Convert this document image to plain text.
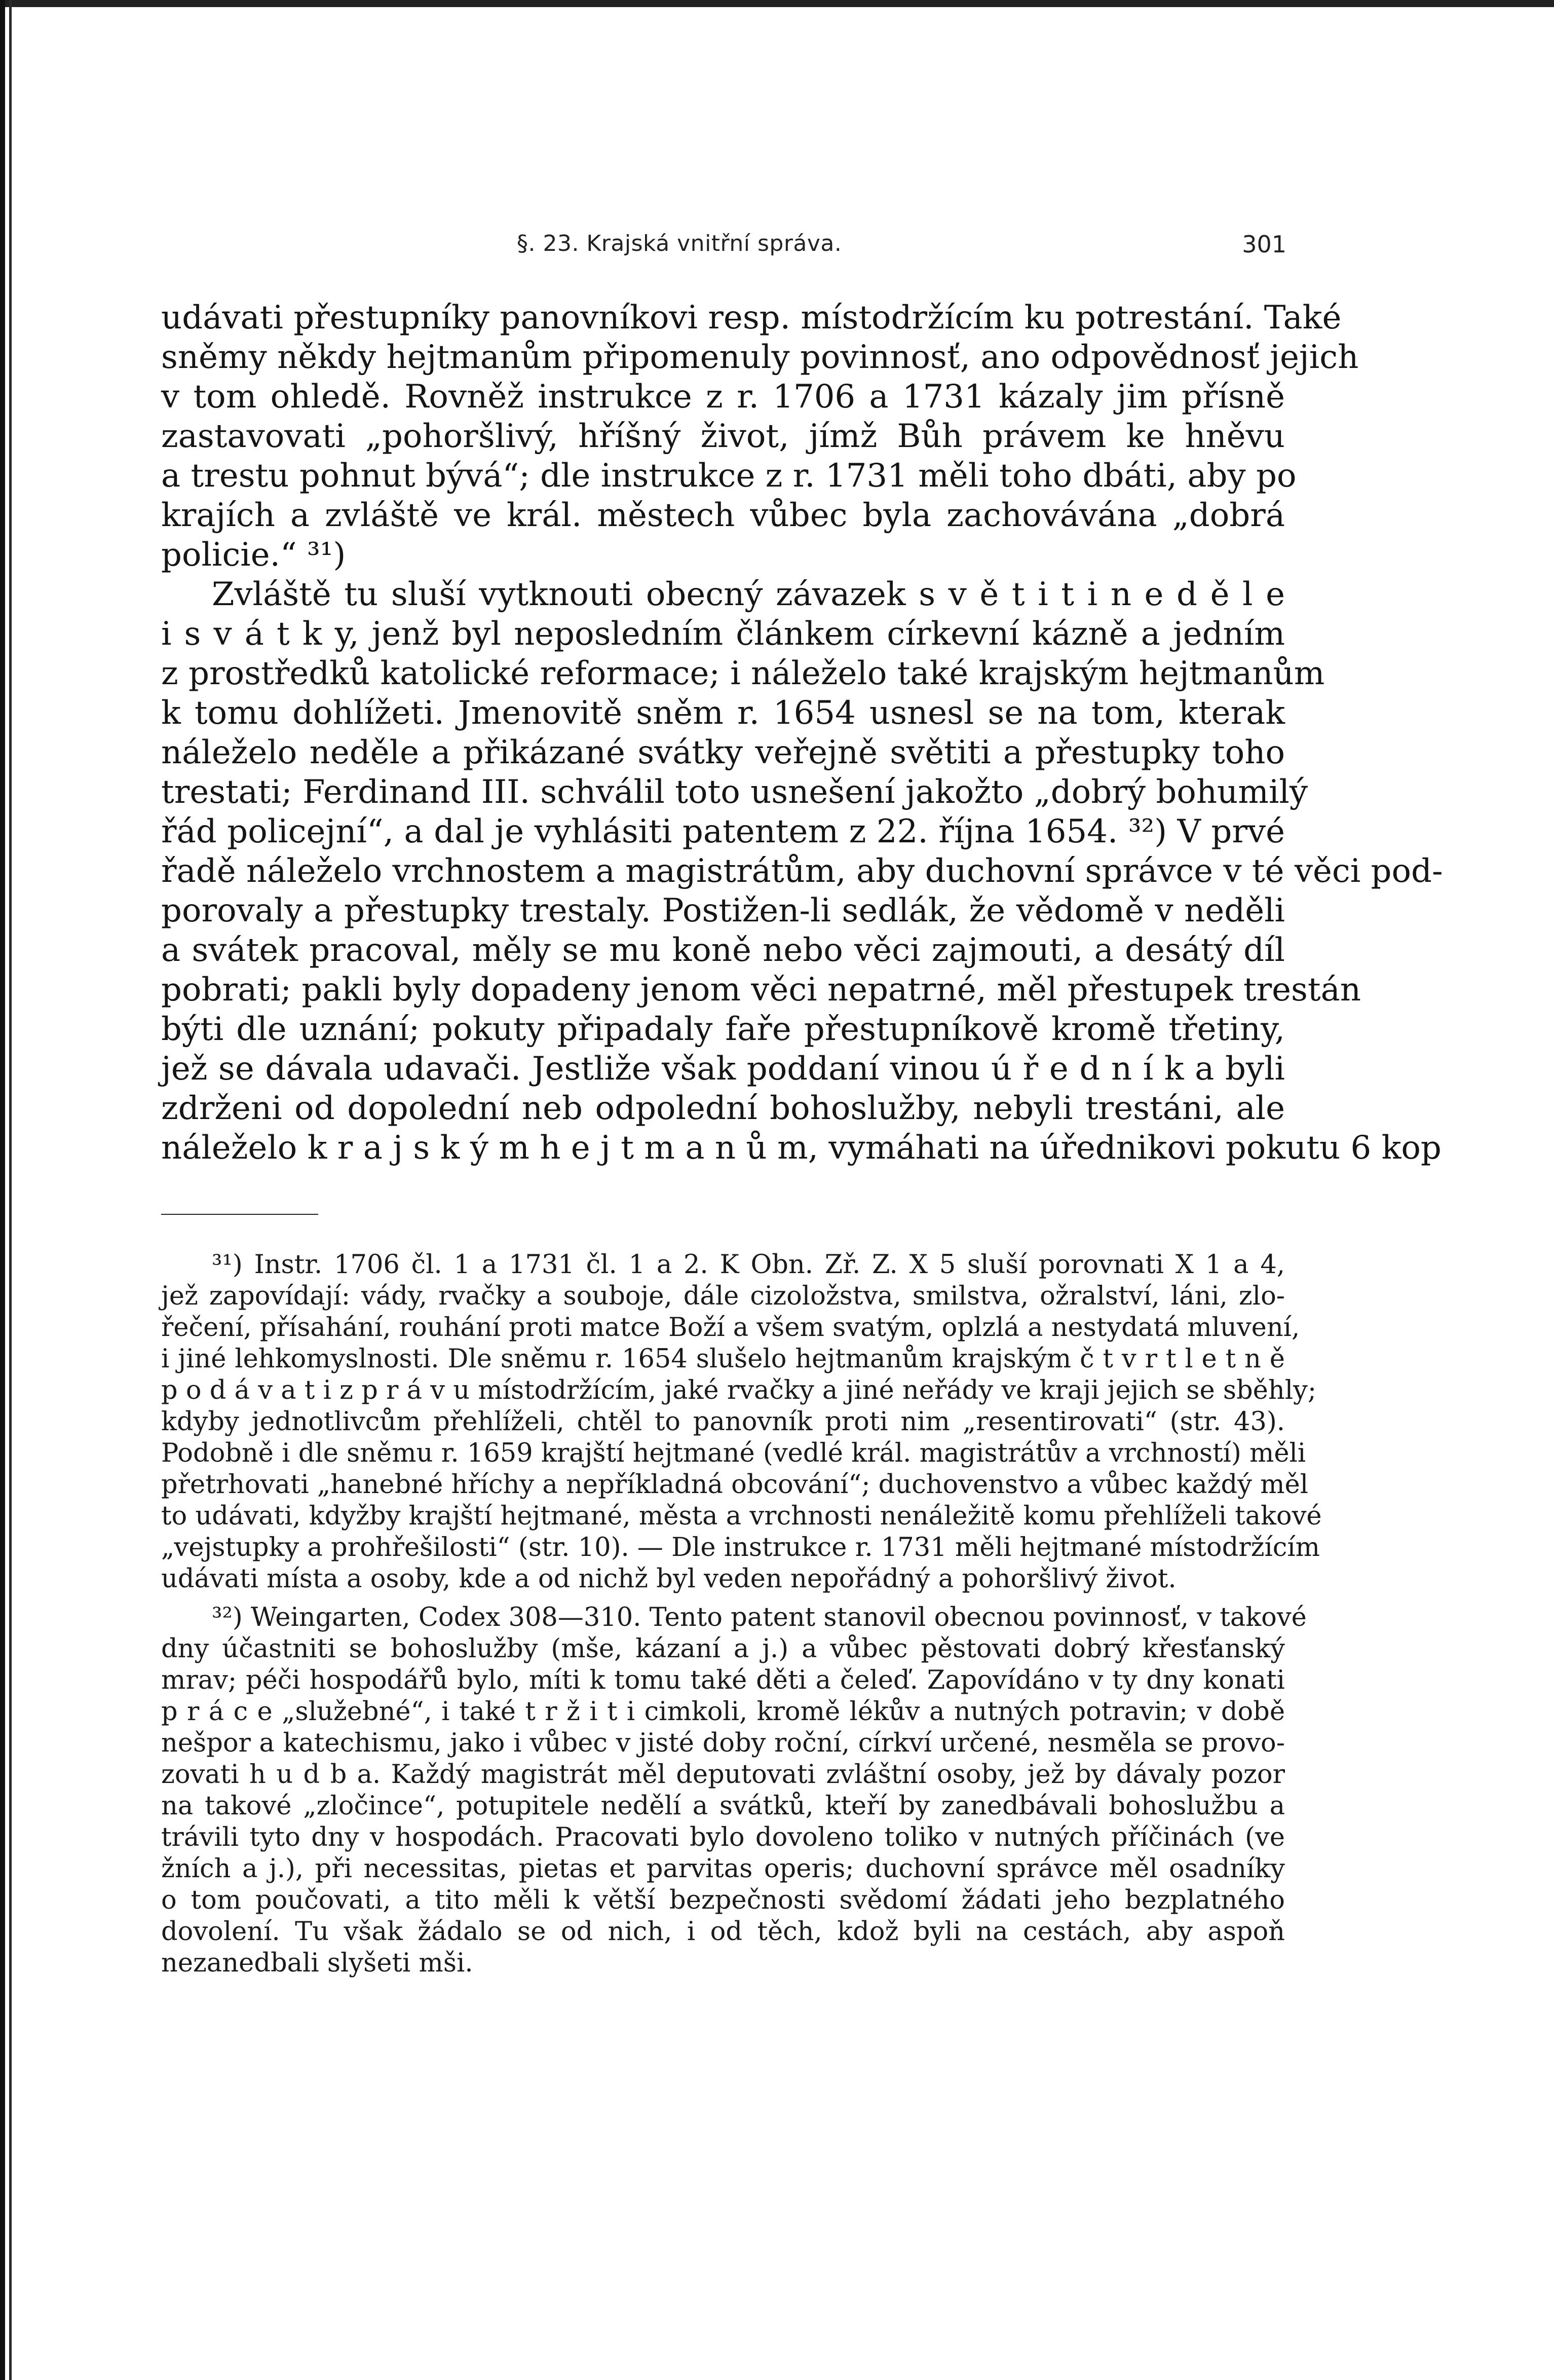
§. 23. Krajská vnitřní správa.	301
udávati přestupníky panovníkovi resp. místodržícím ku potrestání. Také
sněmy někdy hejtmanům připomenuly povinnosť, ano odpovědnosť jejich
v tom ohledě. Rovněž instrukce z r. 1706 a 1731 kázaly jim přísně
zastavovati „pohoršlivý, hříšný život, jímž Bůh právem ke hněvu
a trestu pohnut bývá“; dle instrukce z r. 1731 měli toho dbáti, aby po
krajích a zvláště ve král. městech vůbec byla zachovávána „dobrá
policie.“ ³¹)
Zvláště tu sluší vytknouti obecný závazek s v ě t i t i n e d ě l e
i s v á t k y, jenž byl neposledním článkem církevní kázně a jedním
z prostředků katolické reformace; i náleželo také krajským hejtmanům
k tomu dohlížeti. Jmenovitě sněm r. 1654 usnesl se na tom, kterak
náleželo neděle a přikázané svátky veřejně světiti a přestupky toho
trestati; Ferdinand III. schválil toto usnešení jakožto „dobrý bohumilý
řád policejní“, a dal je vyhlásiti patentem z 22. října 1654. ³²) V prvé
řadě náleželo vrchnostem a magistrátům, aby duchovní správce v té věci pod-
porovaly a přestupky trestaly. Postižen-li sedlák, že vědomě v neděli
a svátek pracoval, měly se mu koně nebo věci zajmouti, a desátý díl
pobrati; pakli byly dopadeny jenom věci nepatrné, měl přestupek trestán
býti dle uznání; pokuty připadaly faře přestupníkově kromě třetiny,
jež se dávala udavači. Jestliže však poddaní vinou ú ř e d n í k a byli
zdrženi od dopolední neb odpolední bohoslužby, nebyli trestáni, ale
náleželo k r a j s k ý m h e j t m a n ů m, vymáhati na úřednikovi pokutu 6 kop
³¹) Instr. 1706 čl. 1 a 1731 čl. 1 a 2. K Obn. Zř. Z. X 5 sluší porovnati X 1 a 4,
jež zapovídají: vády, rvačky a souboje, dále cizoložstva, smilstva, ožralství, láni, zlo-
řečení, přísahání, rouhání proti matce Boží a všem svatým, oplzlá a nestydatá mluvení,
i jiné lehkomyslnosti. Dle sněmu r. 1654 slušelo hejtmanům krajským č t v r t l e t n ě
p o d á v a t i z p r á v u místodržícím, jaké rvačky a jiné neřády ve kraji jejich se sběhly;
kdyby jednotlivcům přehlíželi, chtěl to panovník proti nim „resentirovati“ (str. 43).
Podobně i dle sněmu r. 1659 krajští hejtmané (vedlé král. magistrátův a vrchností) měli
přetrhovati „hanebné hříchy a nepříkladná obcování“; duchovenstvo a vůbec každý měl
to udávati, kdyžby krajští hejtmané, města a vrchnosti nenáležitě komu přehlíželi takové
„vejstupky a prohřešilosti“ (str. 10). — Dle instrukce r. 1731 měli hejtmané místodržícím
udávati místa a osoby, kde a od nichž byl veden nepořádný a pohoršlivý život.
³²) Weingarten, Codex 308—310. Tento patent stanovil obecnou povinnosť, v takové
dny účastniti se bohoslužby (mše, kázaní a j.) a vůbec pěstovati dobrý křesťanský
mrav; péči hospodářů bylo, míti k tomu také děti a čeleď. Zapovídáno v ty dny konati
p r á c e „služebné“, i také t r ž i t i cimkoli, kromě lékův a nutných potravin; v době
nešpor a katechismu, jako i vůbec v jisté doby roční, církví určené, nesměla se provo-
zovati h u d b a. Každý magistrát měl deputovati zvláštní osoby, jež by dávaly pozor
na takové „zločince“, potupitele nedělí a svátků, kteří by zanedbávali bohoslužbu a
trávili tyto dny v hospodách. Pracovati bylo dovoleno toliko v nutných příčinách (ve
žních a j.), při necessitas, pietas et parvitas operis; duchovní správce měl osadníky
o tom poučovati, a tito měli k větší bezpečnosti svědomí žádati jeho bezplatného
dovolení. Tu však žádalo se od nich, i od těch, kdož byli na cestách, aby aspoň
nezanedbali slyšeti mši.
